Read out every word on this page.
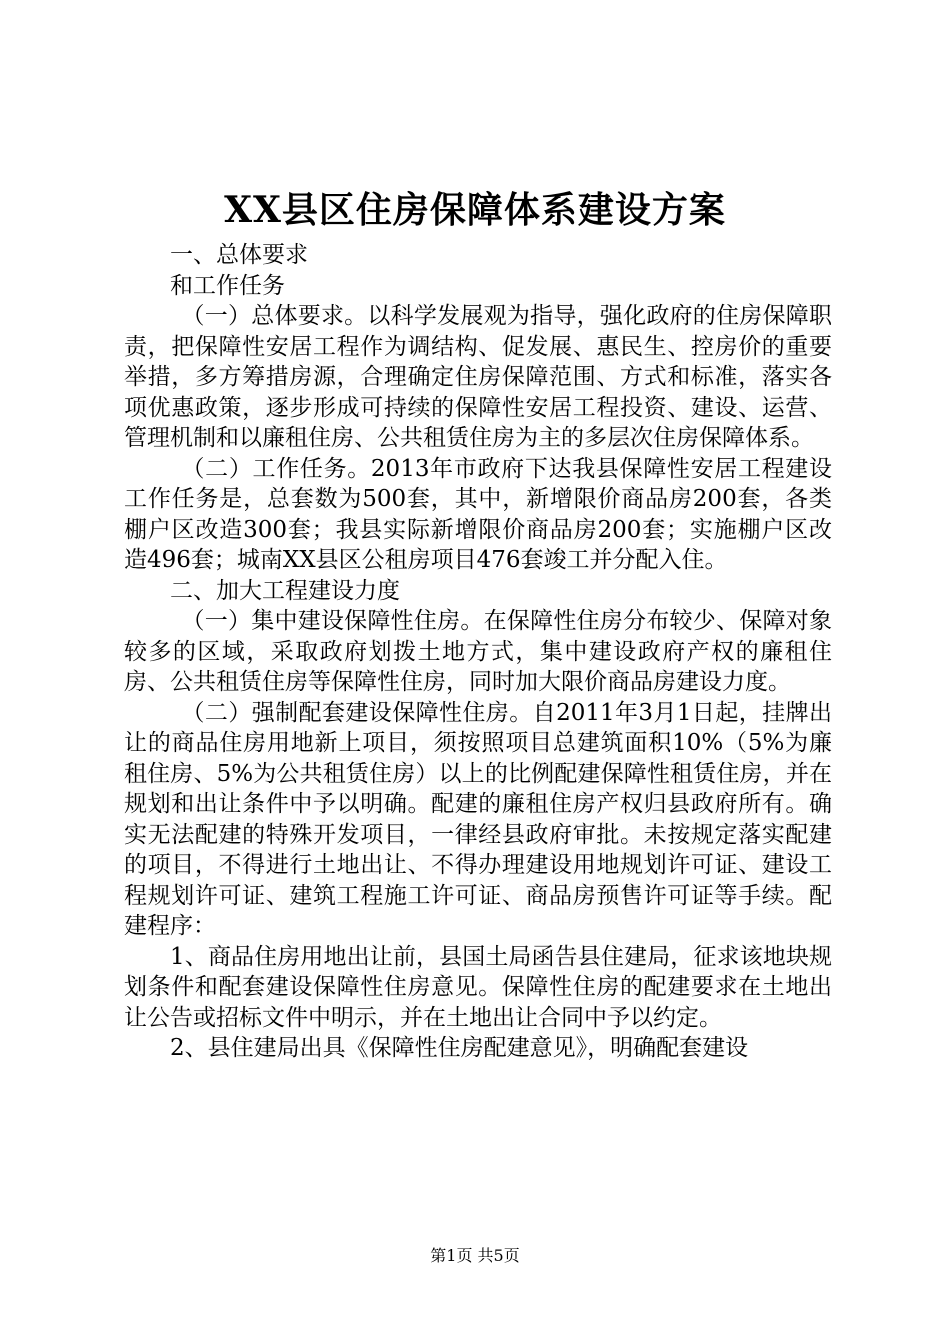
XX县区住房保障体系建设方案

一、总体要求

和工作任务

（一）总体要求。以科学发展观为指导，强化政府的住房保障职责，把保障性安居工程作为调结构、促发展、惠民生、控房价的重要举措，多方筹措房源，合理确定住房保障范围、方式和标准，落实各项优惠政策，逐步形成可持续的保障性安居工程投资、建设、运营、管理机制和以廉租住房、公共租赁住房为主的多层次住房保障体系。

（二）工作任务。2013年市政府下达我县保障性安居工程建设工作任务是，总套数为500套，其中，新增限价商品房200套，各类棚户区改造300套；我县实际新增限价商品房200套；实施棚户区改造496套；城南XX县区公租房项目476套竣工并分配入住。

二、加大工程建设力度

（一）集中建设保障性住房。在保障性住房分布较少、保障对象较多的区域，采取政府划拨土地方式，集中建设政府产权的廉租住房、公共租赁住房等保障性住房，同时加大限价商品房建设力度。

（二）强制配套建设保障性住房。自2011年3月1日起，挂牌出让的商品住房用地新上项目，须按照项目总建筑面积10%（5%为廉租住房、5%为公共租赁住房）以上的比例配建保障性租赁住房，并在规划和出让条件中予以明确。配建的廉租住房产权归县政府所有。确实无法配建的特殊开发项目，一律经县政府审批。未按规定落实配建的项目，不得进行土地出让、不得办理建设用地规划许可证、建设工程规划许可证、建筑工程施工许可证、商品房预售许可证等手续。配建程序：

1、商品住房用地出让前，县国土局函告县住建局，征求该地块规划条件和配套建设保障性住房意见。保障性住房的配建要求在土地出让公告或招标文件中明示，并在土地出让合同中予以约定。

2、县住建局出具《保障性住房配建意见》，明确配套建设

第1页 共5页
